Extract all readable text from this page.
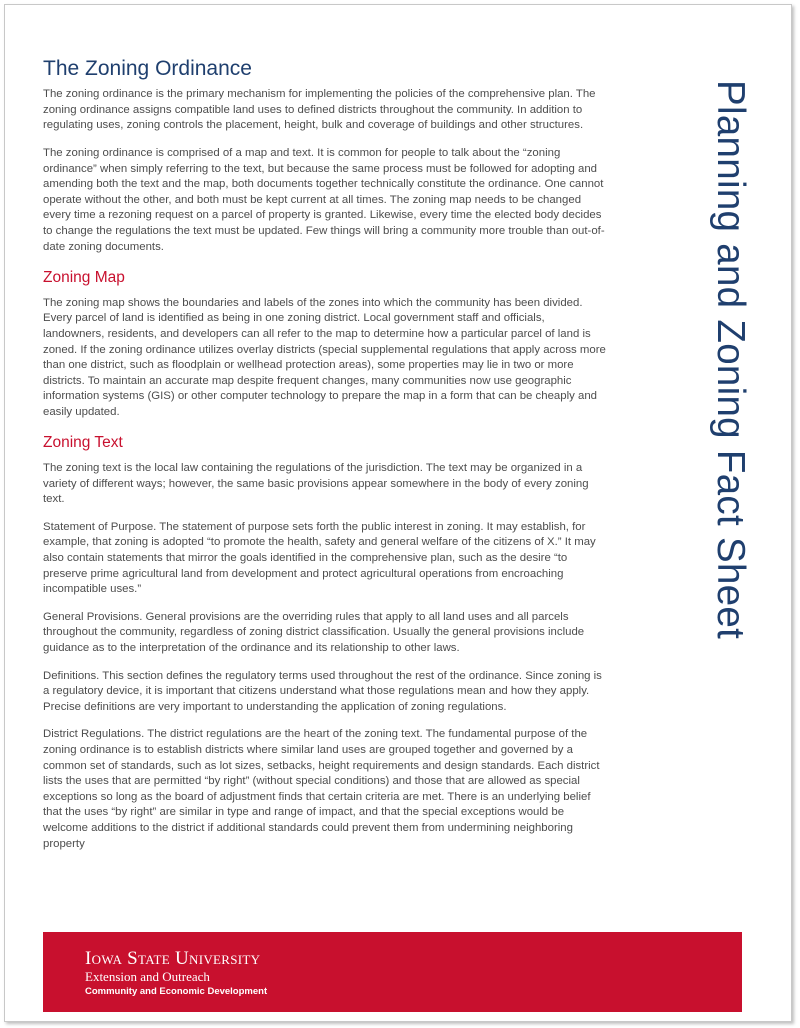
The Zoning Ordinance

The zoning ordinance is the primary mechanism for implementing the policies of the comprehensive plan. The zoning ordinance assigns compatible land uses to defined districts throughout the community. In addition to regulating uses, zoning controls the placement, height, bulk and coverage of buildings and other structures.

The zoning ordinance is comprised of a map and text. It is common for people to talk about the “zoning ordinance” when simply referring to the text, but because the same process must be followed for adopting and amending both the text and the map, both documents together technically constitute the ordinance. One cannot operate without the other, and both must be kept current at all times. The zoning map needs to be changed every time a rezoning request on a parcel of property is granted. Likewise, every time the elected body decides to change the regulations the text must be updated. Few things will bring a community more trouble than out-of-date zoning documents.

Zoning Map

The zoning map shows the boundaries and labels of the zones into which the community has been divided. Every parcel of land is identified as being in one zoning district. Local government staff and officials, landowners, residents, and developers can all refer to the map to determine how a particular parcel of land is zoned. If the zoning ordinance utilizes overlay districts (special supplemental regulations that apply across more than one district, such as floodplain or wellhead protection areas), some properties may lie in two or more districts. To maintain an accurate map despite frequent changes, many communities now use geographic information systems (GIS) or other computer technology to prepare the map in a form that can be cheaply and easily updated.

Zoning Text

The zoning text is the local law containing the regulations of the jurisdiction. The text may be organized in a variety of different ways; however, the same basic provisions appear somewhere in the body of every zoning text.

Statement of Purpose. The statement of purpose sets forth the public interest in zoning. It may establish, for example, that zoning is adopted “to promote the health, safety and general welfare of the citizens of X.” It may also contain statements that mirror the goals identified in the comprehensive plan, such as the desire “to preserve prime agricultural land from development and protect agricultural operations from encroaching incompatible uses.”

General Provisions. General provisions are the overriding rules that apply to all land uses and all parcels throughout the community, regardless of zoning district classification. Usually the general provisions include guidance as to the interpretation of the ordinance and its relationship to other laws.

Definitions. This section defines the regulatory terms used throughout the rest of the ordinance. Since zoning is a regulatory device, it is important that citizens understand what those regulations mean and how they apply. Precise definitions are very important to understanding the application of zoning regulations.

District Regulations. The district regulations are the heart of the zoning text. The fundamental purpose of the zoning ordinance is to establish districts where similar land uses are grouped together and governed by a common set of standards, such as lot sizes, setbacks, height requirements and design standards. Each district lists the uses that are permitted “by right” (without special conditions) and those that are allowed as special exceptions so long as the board of adjustment finds that certain criteria are met. There is an underlying belief that the uses “by right” are similar in type and range of impact, and that the special exceptions would be welcome additions to the district if additional standards could prevent them from undermining neighboring property

Planning and Zoning Fact Sheet
Iowa State University
Extension and Outreach
Community and Economic Development
